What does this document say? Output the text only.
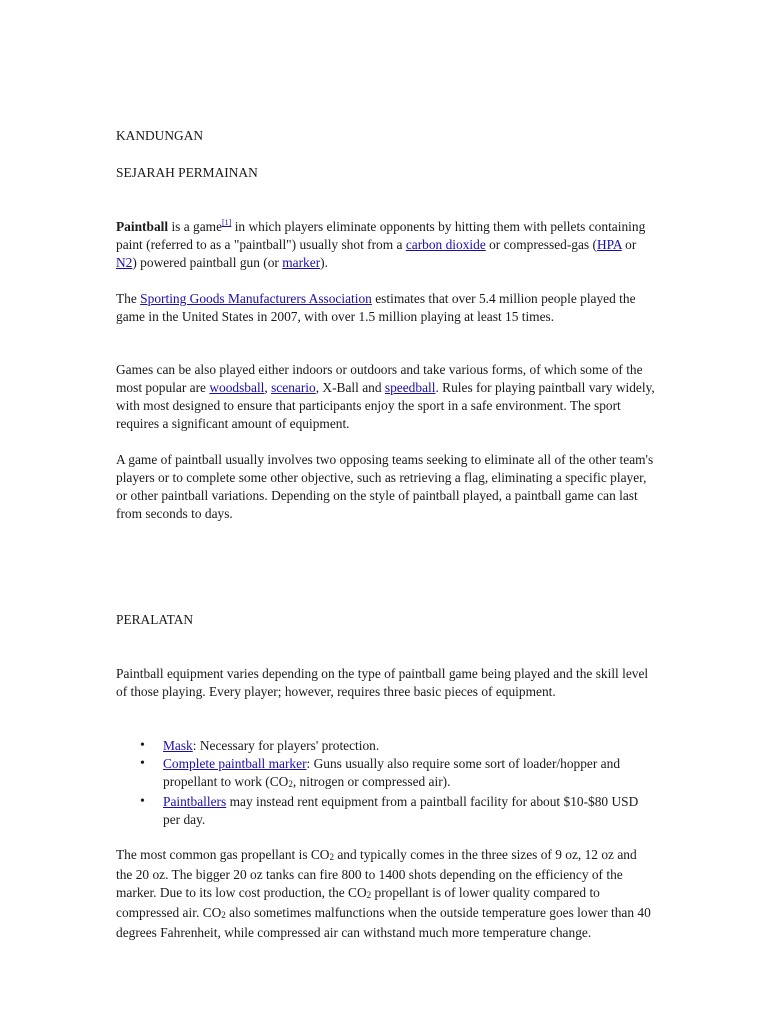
KANDUNGAN

SEJARAH PERMAINAN

Paintball is a game[1] in which players eliminate opponents by hitting them with pellets containing paint (referred to as a "paintball") usually shot from a carbon dioxide or compressed-gas (HPA or N2) powered paintball gun (or marker).

The Sporting Goods Manufacturers Association estimates that over 5.4 million people played the game in the United States in 2007, with over 1.5 million playing at least 15 times.

Games can be also played either indoors or outdoors and take various forms, of which some of the most popular are woodsball, scenario, X-Ball and speedball. Rules for playing paintball vary widely, with most designed to ensure that participants enjoy the sport in a safe environment. The sport requires a significant amount of equipment.

A game of paintball usually involves two opposing teams seeking to eliminate all of the other team's players or to complete some other objective, such as retrieving a flag, eliminating a specific player, or other paintball variations. Depending on the style of paintball played, a paintball game can last from seconds to days.

PERALATAN

Paintball equipment varies depending on the type of paintball game being played and the skill level of those playing. Every player; however, requires three basic pieces of equipment.

• Mask: Necessary for players' protection.
• Complete paintball marker: Guns usually also require some sort of loader/hopper and propellant to work (CO2, nitrogen or compressed air).
• Paintballers may instead rent equipment from a paintball facility for about $10-$80 USD per day.

The most common gas propellant is CO2 and typically comes in the three sizes of 9 oz, 12 oz and the 20 oz. The bigger 20 oz tanks can fire 800 to 1400 shots depending on the efficiency of the marker. Due to its low cost production, the CO2 propellant is of lower quality compared to compressed air. CO2 also sometimes malfunctions when the outside temperature goes lower than 40 degrees Fahrenheit, while compressed air can withstand much more temperature change.
